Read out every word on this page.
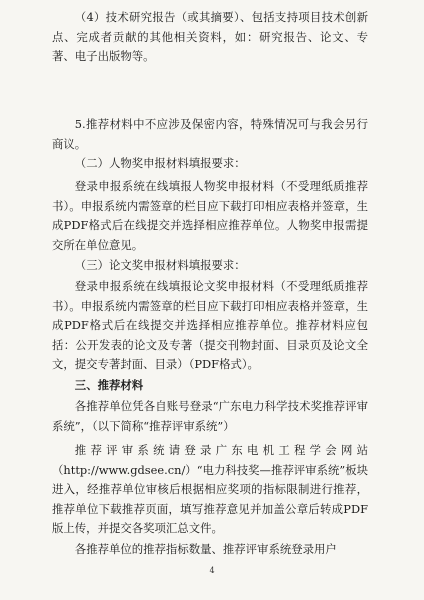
（4）技术研究报告（或其摘要）、包括支持项目技术创新点、完成者贡献的其他相关资料，如：研究报告、论文、专著、电子出版物等。

5.推荐材料中不应涉及保密内容，特殊情况可与我会另行商议。

（二）人物奖申报材料填报要求：

登录申报系统在线填报人物奖申报材料（不受理纸质推荐书）。申报系统内需签章的栏目应下载打印相应表格并签章，生成PDF格式后在线提交并选择相应推荐单位。人物奖申报需提交所在单位意见。

（三）论文奖申报材料填报要求：

登录申报系统在线填报论文奖申报材料（不受理纸质推荐书）。申报系统内需签章的栏目应下载打印相应表格并签章，生成PDF格式后在线提交并选择相应推荐单位。推荐材料应包括：公开发表的论文及专著（提交刊物封面、目录页及论文全文，提交专著封面、目录）（PDF格式）。

三、推荐材料

各推荐单位凭各自账号登录“广东电力科学技术奖推荐评审系统”，（以下简称“推荐评审系统”）

推荐评审系统请登录广东电机工程学会网站（http://www.gdsee.cn/）“电力科技奖—推荐评审系统”板块进入，经推荐单位审核后根据相应奖项的指标限制进行推荐，推荐单位下载推荐页面，填写推荐意见并加盖公章后转成PDF版上传，并提交各奖项汇总文件。

各推荐单位的推荐指标数量、推荐评审系统登录用户

4
